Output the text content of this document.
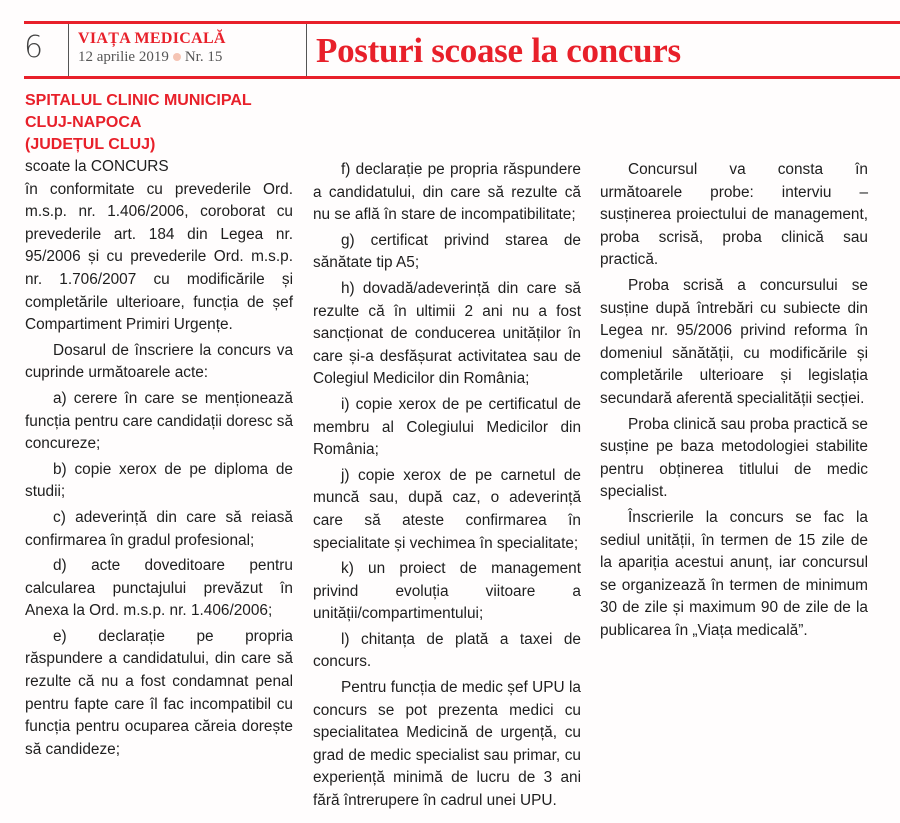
6	VIAȚA MEDICALĂ
12 aprilie 2019 Nr. 15	Posturi scoase la concurs
SPITALUL CLINIC MUNICIPAL
CLUJ-NAPOCA
(JUDEȚUL CLUJ)

scoate la CONCURS

în conformitate cu prevederile Ord. m.s.p. nr. 1.406/2006, coroborat cu prevederile art. 184 din Legea nr. 95/2006 și cu prevederile Ord. m.s.p. nr. 1.706/2007 cu modificările și completările ulterioare, funcția de șef Compartiment Primiri Urgențe.

Dosarul de înscriere la concurs va cuprinde următoarele acte:

a) cerere în care se menționează funcția pentru care candidații doresc să concureze;

b) copie xerox de pe diploma de studii;

c) adeverință din care să reiasă confirmarea în gradul profesional;

d) acte doveditoare pentru calcularea punctajului prevăzut în Anexa la Ord. m.s.p. nr. 1.406/2006;

e) declarație pe propria răspundere a candidatului, din care să rezulte că nu a fost condamnat penal pentru fapte care îl fac incompatibil cu funcția pentru ocuparea căreia dorește să candideze;

f) declarație pe propria răspundere a candidatului, din care să rezulte că nu se află în stare de incompatibilitate;

g) certificat privind starea de sănătate tip A5;

h) dovadă/adeverință din care să rezulte că în ultimii 2 ani nu a fost sancționat de conducerea unităților în care și-a desfășurat activitatea sau de Colegiul Medicilor din România;

i) copie xerox de pe certificatul de membru al Colegiului Medicilor din România;

j) copie xerox de pe carnetul de muncă sau, după caz, o adeverință care să ateste confirmarea în specialitate și vechimea în specialitate;

k) un proiect de management privind evoluția viitoare a unității/compartimentului;

l) chitanța de plată a taxei de concurs.

Pentru funcția de medic șef UPU la concurs se pot prezenta medici cu specialitatea Medicină de urgență, cu grad de medic specialist sau primar, cu experiență minimă de lucru de 3 ani fără întrerupere în cadrul unei UPU.

Concursul va consta în următoarele probe: interviu – susținerea proiectului de management, proba scrisă, proba clinică sau practică.

Proba scrisă a concursului se susține după întrebări cu subiecte din Legea nr. 95/2006 privind reforma în domeniul sănătății, cu modificările și completările ulterioare și legislația secundară aferentă specialității secției.

Proba clinică sau proba practică se susține pe baza metodologiei stabilite pentru obținerea titlului de medic specialist.

Înscrierile la concurs se fac la sediul unității, în termen de 15 zile de la apariția acestui anunț, iar concursul se organizează în termen de minimum 30 de zile și maximum 90 de zile de la publicarea în „Viața medicală”.
